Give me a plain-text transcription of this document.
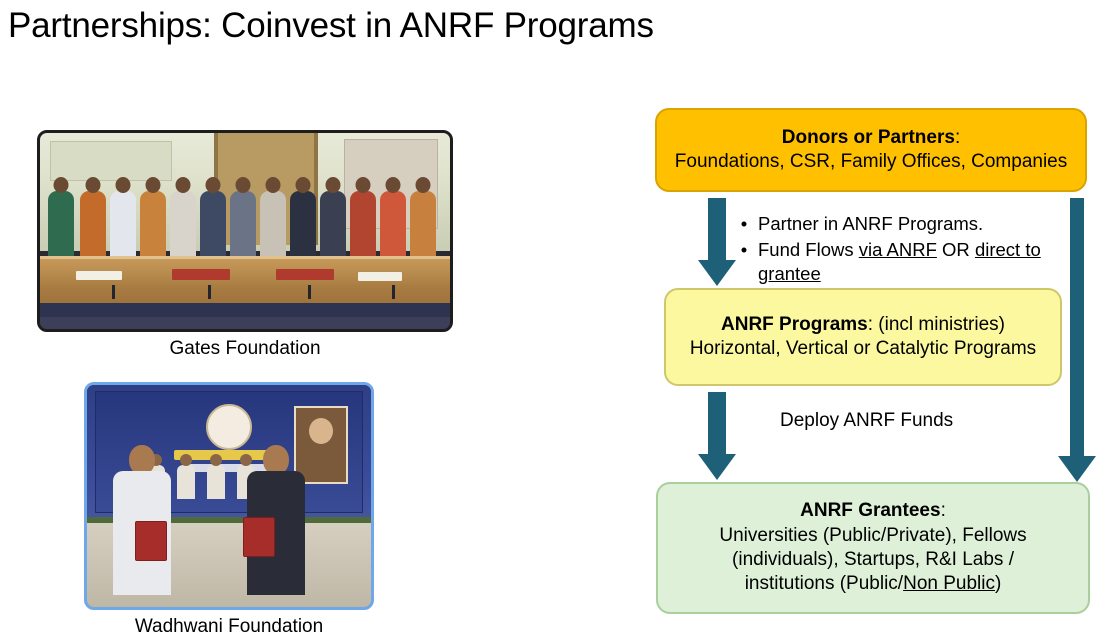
Partnerships: Coinvest in ANRF Programs
Gates Foundation
Wadhwani Foundation
Donors or Partners:
Foundations, CSR, Family Offices, Companies
• Partner in ANRF Programs.
• Fund Flows via ANRF OR direct to grantee
ANRF Programs: (incl ministries)
Horizontal, Vertical or Catalytic Programs
Deploy ANRF Funds
ANRF Grantees:
Universities (Public/Private), Fellows
(individuals), Startups, R&I Labs /
institutions (Public/Non Public)
